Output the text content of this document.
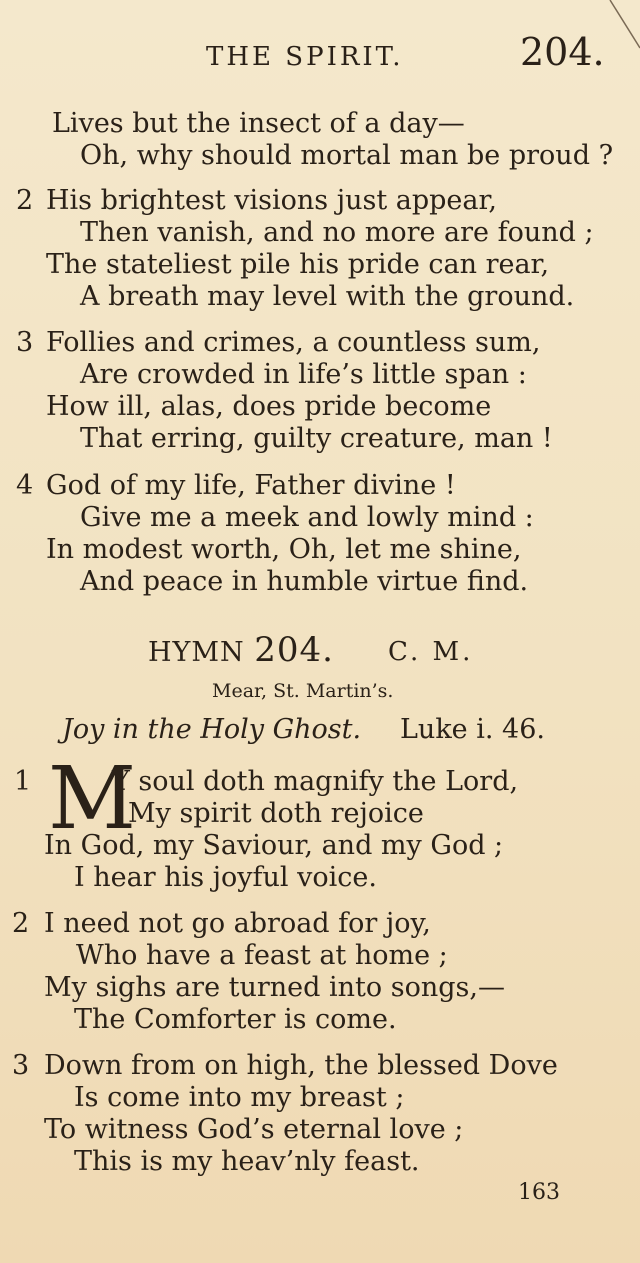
THE SPIRIT.	204.
Lives but the insect of a day—
Oh, why should mortal man be proud ?
2 His brightest visions just appear,
Then vanish, and no more are found ;
The stateliest pile his pride can rear,
A breath may level with the ground.
3 Follies and crimes, a countless sum,
Are crowded in life’s little span :
How ill, alas, does pride become
That erring, guilty creature, man !
4 God of my life, Father divine !
Give me a meek and lowly mind :
In modest worth, Oh, let me shine,
And peace in humble virtue find.
HYMN 204. C. M.
Mear, St. Martin’s.
Joy in the Holy Ghost. Luke i. 46.
1 M
Y soul doth magnify the Lord,
My spirit doth rejoice
In God, my Saviour, and my God ;
I hear his joyful voice.
2 I need not go abroad for joy,
Who have a feast at home ;
My sighs are turned into songs,—
The Comforter is come.
3 Down from on high, the blessed Dove
Is come into my breast ;
To witness God’s eternal love ;
This is my heav’nly feast.
163
